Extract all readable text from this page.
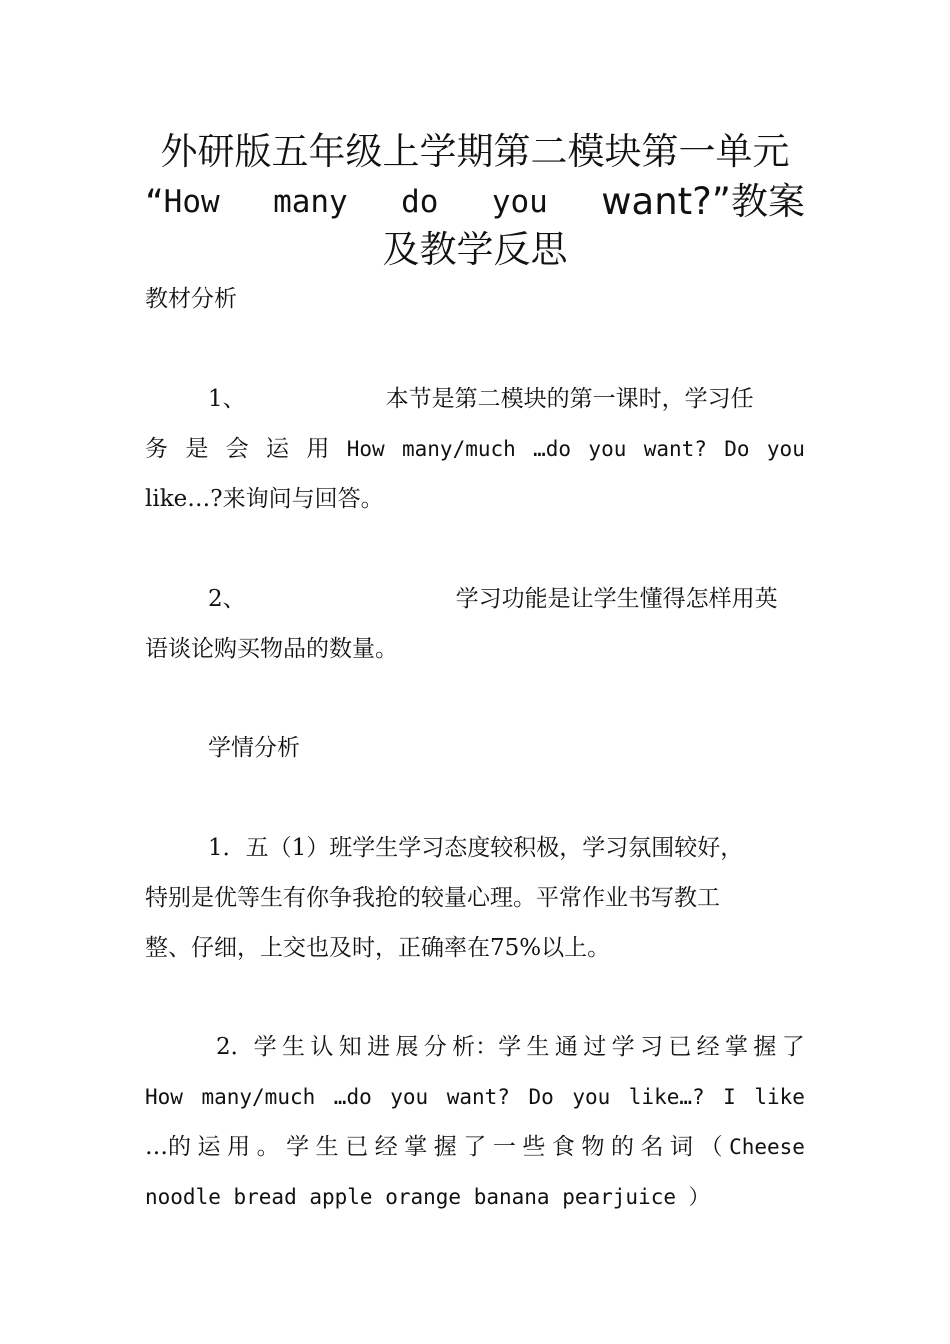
外研版五年级上学期第二模块第一单元
“How many do you want?”教案
及教学反思

教材分析

1、	本节是第二模块的第一课时，学习任

务 是 会 运 用 How many/much …do you want? Do you

like…?来询问与回答。

2、	学习功能是让学生懂得怎样用英

语谈论购买物品的数量。

学情分析

1．五（1）班学生学习态度较积极，学习氛围较好，

特别是优等生有你争我抢的较量心理。平常作业书写教工

整、仔细，上交也及时，正确率在75%以上。

2．学 生 认 知 进 展 分 析：学 生 通 过 学 习 已 经 掌 握 了
How many/much …do you want? Do you like…? I like
…的 运 用 。 学 生 已 经 掌 握 了 一 些 食 物 的 名 词 （ Cheese

noodle bread apple orange banana pearjuice ）
